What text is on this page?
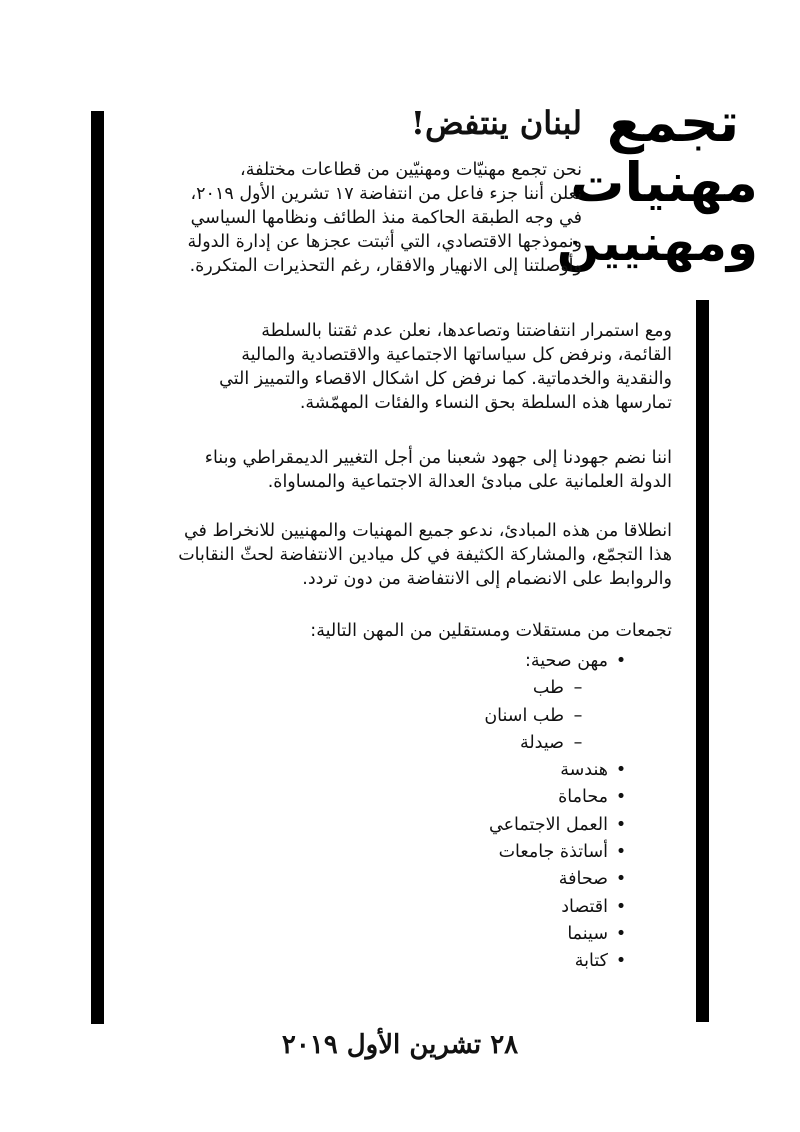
تجمع
مهنيات
ومهنيين
لبنان ينتفض!
نحن تجمع مهنيّات ومهنيّين من قطاعات مختلفة،
نعلن أننا جزء فاعل من انتفاضة ١٧ تشرين الأول ٢٠١٩،
في وجه الطبقة الحاكمة منذ الطائف ونظامها السياسي
ونموذجها الاقتصادي، التي أثبتت عجزها عن إدارة الدولة
وأوصلتنا إلى الانهيار والافقار، رغم التحذيرات المتكررة.
ومع استمرار انتفاضتنا وتصاعدها، نعلن عدم ثقتنا بالسلطة
القائمة، ونرفض كل سياساتها الاجتماعية والاقتصادية والمالية
والنقدية والخدماتية. كما نرفض كل اشكال الاقصاء والتمييز التي
تمارسها هذه السلطة بحق النساء والفئات المهمّشة.
اننا نضم جهودنا إلى جهود شعبنا من أجل التغيير الديمقراطي وبناء
الدولة العلمانية على مبادئ العدالة الاجتماعية والمساواة.
انطلاقا من هذه المبادئ، ندعو جميع المهنيات والمهنيين للانخراط في
هذا التجمّع، والمشاركة الكثيفة في كل ميادين الانتفاضة لحثّ النقابات
والروابط على الانضمام إلى الانتفاضة من دون تردد.
تجمعات من مستقلات ومستقلين من المهن التالية:
•مهن صحية:
–طب
–طب اسنان
–صيدلة
•هندسة
•محاماة
•العمل الاجتماعي
•أساتذة جامعات
•صحافة
•اقتصاد
•سينما
•كتابة
٢٨ تشرين الأول ٢٠١٩
